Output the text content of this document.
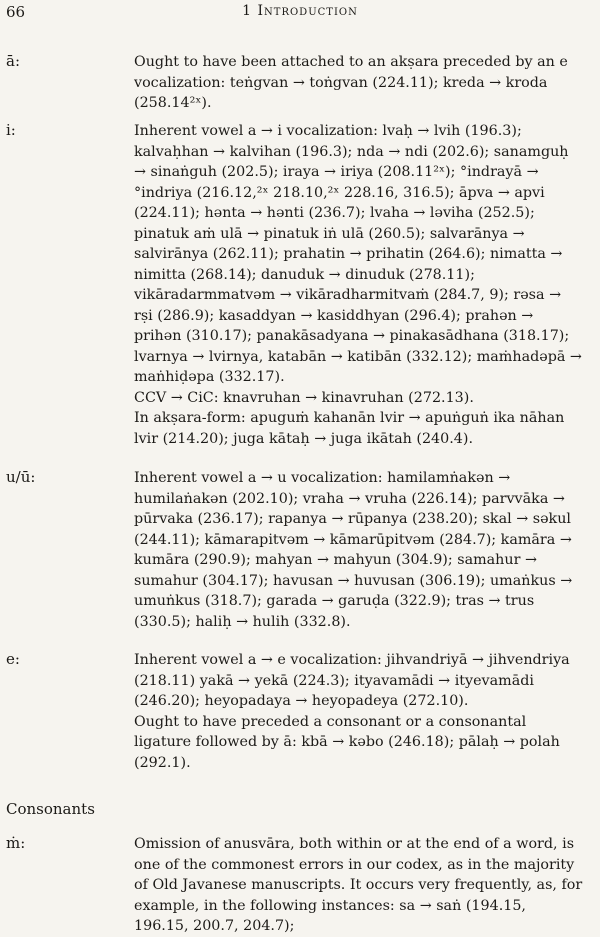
66	1 Introduction
ā:	Ought to have been attached to an akṣara preceded by an e vocalization: teṅgvan → toṅgvan (224.11); kreda → kroda (258.14²ˣ).

i:	Inherent vowel a → i vocalization: lvaḥ → lvih (196.3); kalvaḥhan → kalvihan (196.3); nda → ndi (202.6); sanamguḥ → sinaṅguh (202.5); iraya → iriya (208.11²ˣ); °indrayā → °indriya (216.12,²ˣ 218.10,²ˣ 228.16, 316.5); āpva → apvi (224.11); hənta → hənti (236.7); lvaha → ləviha (252.5); pinatuk aṁ ulā → pinatuk iṅ ulā (260.5); salvarānya → salvirānya (262.11); prahatin → prihatin (264.6); nimatta → nimitta (268.14); danuduk → dinuduk (278.11); vikāradarmmatvəm → vikāradharmitvaṁ (284.7, 9); rəsa → rṣi (286.9); kasaddyan → kasiddhyan (296.4); prahən → prihən (310.17); panakāsadyana → pinakasādhana (318.17); lvarnya → lvirnya, katabān → katibān (332.12); maṁhadəpā → maṅhiḍəpa (332.17).

CCV → CiC: knavruhan → kinavruhan (272.13).

In akṣara-form: apuguṁ kahanān lvir → apuṅguṅ ika nāhan lvir (214.20); juga kātaḥ → juga ikātah (240.4).

u/ū:	Inherent vowel a → u vocalization: hamilamṅakən → humilaṅakən (202.10); vraha → vruha (226.14); parvvāka → pūrvaka (236.17); rapanya → rūpanya (238.20); skal → səkul (244.11); kāmarapitvəm → kāmarūpitvəm (284.7); kamāra → kumāra (290.9); mahyan → mahyun (304.9); samahur → sumahur (304.17); havusan → huvusan (306.19); umaṅkus → umuṅkus (318.7); garada → garuḍa (322.9); tras → trus (330.5); haliḥ → hulih (332.8).

e:	Inherent vowel a → e vocalization: jihvandriyā → jihvendriya (218.11) yakā → yekā (224.3); ityavamādi → ityevamādi (246.20); heyopadaya → heyopadeya (272.10).

Ought to have preceded a consonant or a consonantal ligature followed by ā: kbā → kəbo (246.18); pālaḥ → polah (292.1).

Consonants
ṁ:	Omission of anusvāra, both within or at the end of a word, is one of the commonest errors in our codex, as in the majority of Old Javanese manuscripts. It occurs very frequently, as, for example, in the following instances: sa → saṅ (194.15, 196.15, 200.7, 204.7);
